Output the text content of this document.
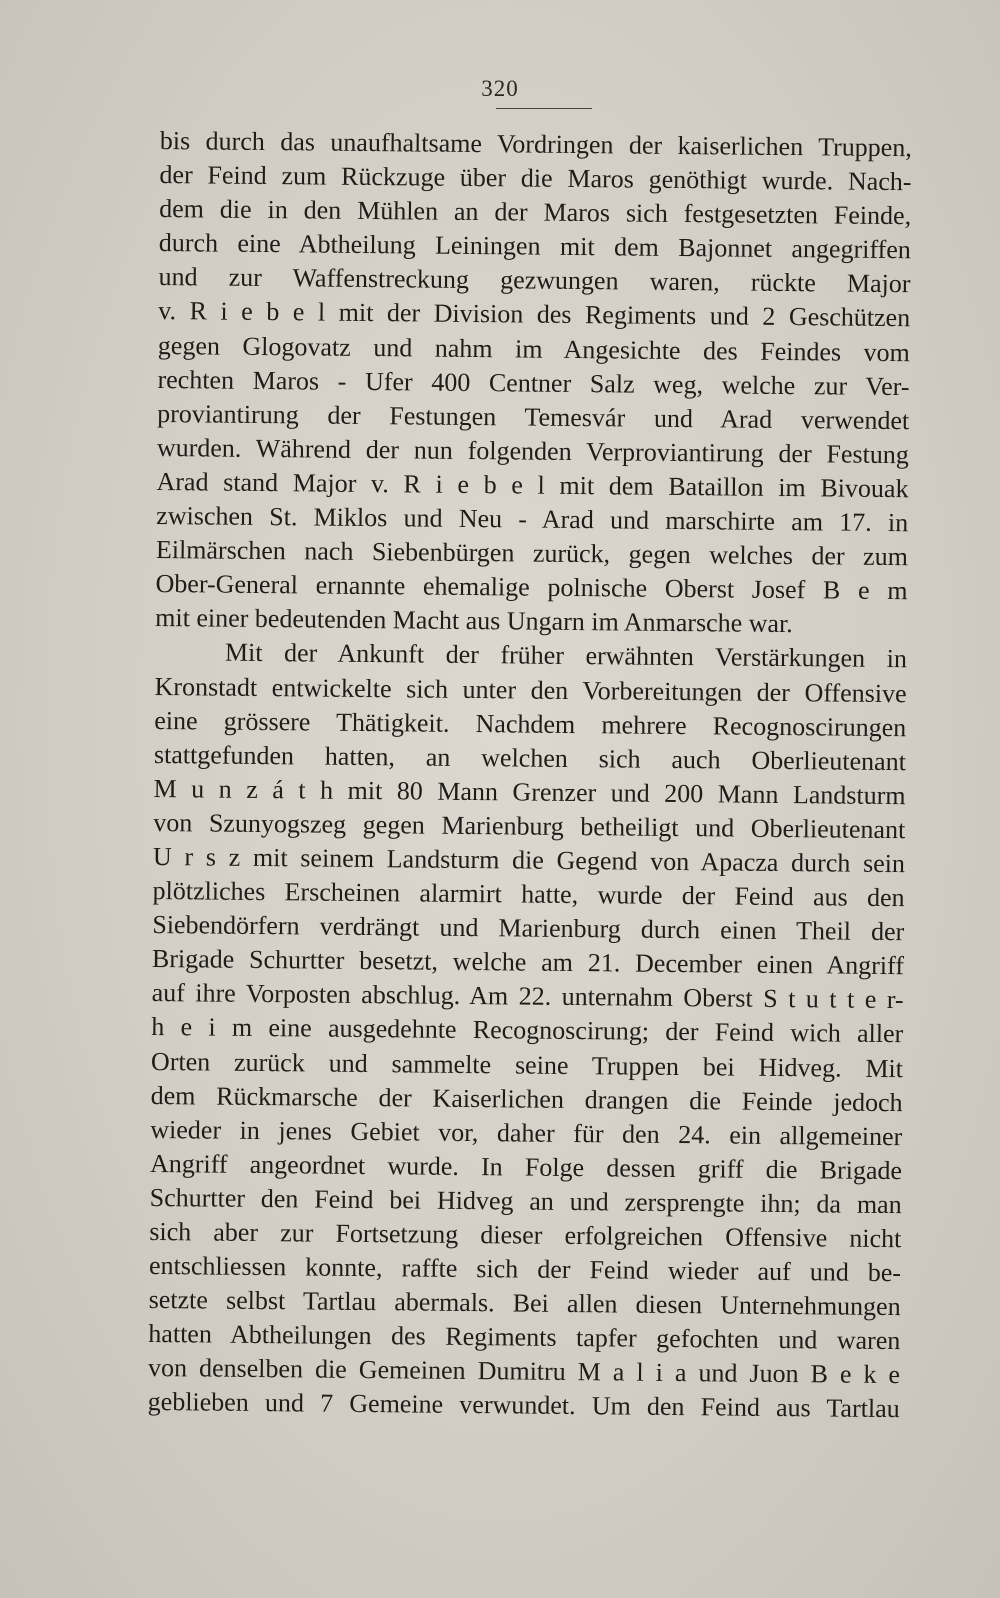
320
bis durch das unaufhaltsame Vordringen der kaiserlichen Truppen,
der Feind zum Rückzuge über die Maros genöthigt wurde. Nach-
dem die in den Mühlen an der Maros sich festgesetzten Feinde,
durch eine Abtheilung Leiningen mit dem Bajonnet angegriffen
und zur Waffenstreckung gezwungen waren, rückte Major
v. R i e b e l mit der Division des Regiments und 2 Geschützen
gegen Glogovatz und nahm im Angesichte des Feindes vom
rechten Maros - Ufer 400 Centner Salz weg, welche zur Ver-
proviantirung der Festungen Temesvár und Arad verwendet
wurden. Während der nun folgenden Verproviantirung der Festung
Arad stand Major v. R i e b e l mit dem Bataillon im Bivouak
zwischen St. Miklos und Neu - Arad und marschirte am 17. in
Eilmärschen nach Siebenbürgen zurück, gegen welches der zum
Ober-General ernannte ehemalige polnische Oberst Josef B e m
mit einer bedeutenden Macht aus Ungarn im Anmarsche war.
Mit der Ankunft der früher erwähnten Verstärkungen in
Kronstadt entwickelte sich unter den Vorbereitungen der Offensive
eine grössere Thätigkeit. Nachdem mehrere Recognoscirungen
stattgefunden hatten, an welchen sich auch Oberlieutenant
M u n z á t h mit 80 Mann Grenzer und 200 Mann Landsturm
von Szunyogszeg gegen Marienburg betheiligt und Oberlieutenant
U r s z mit seinem Landsturm die Gegend von Apacza durch sein
plötzliches Erscheinen alarmirt hatte, wurde der Feind aus den
Siebendörfern verdrängt und Marienburg durch einen Theil der
Brigade Schurtter besetzt, welche am 21. December einen Angriff
auf ihre Vorposten abschlug. Am 22. unternahm Oberst S t u t t e r-
h e i m eine ausgedehnte Recognoscirung; der Feind wich aller
Orten zurück und sammelte seine Truppen bei Hidveg. Mit
dem Rückmarsche der Kaiserlichen drangen die Feinde jedoch
wieder in jenes Gebiet vor, daher für den 24. ein allgemeiner
Angriff angeordnet wurde. In Folge dessen griff die Brigade
Schurtter den Feind bei Hidveg an und zersprengte ihn; da man
sich aber zur Fortsetzung dieser erfolgreichen Offensive nicht
entschliessen konnte, raffte sich der Feind wieder auf und be-
setzte selbst Tartlau abermals. Bei allen diesen Unternehmungen
hatten Abtheilungen des Regiments tapfer gefochten und waren
von denselben die Gemeinen Dumitru M a l i a und Juon B e k e
geblieben und 7 Gemeine verwundet. Um den Feind aus Tartlau
